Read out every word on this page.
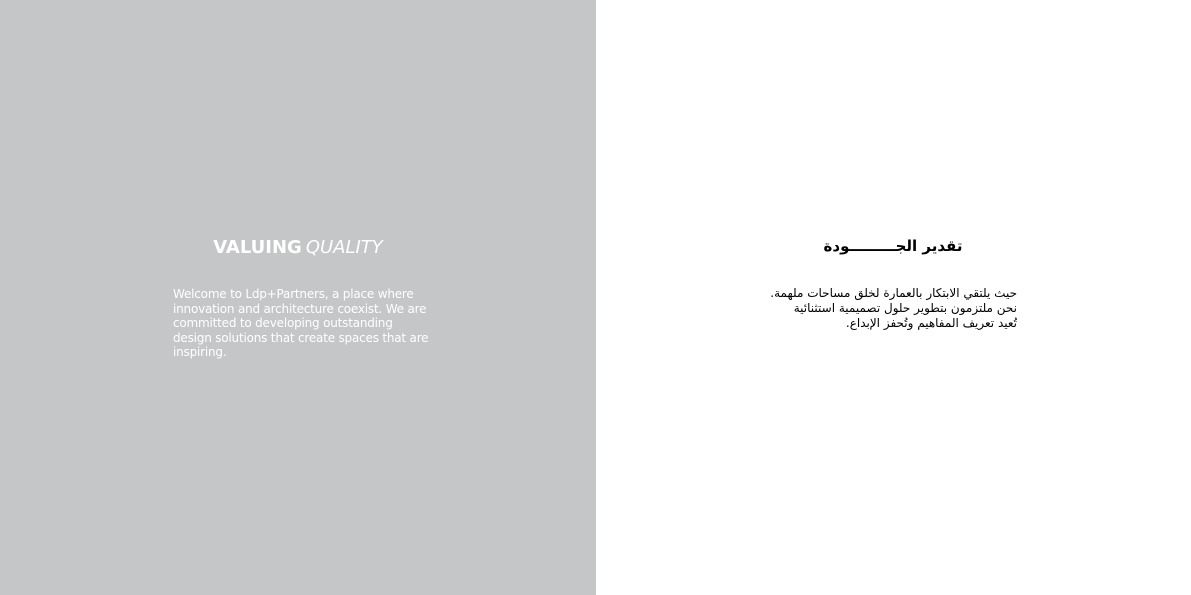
VALUING QUALITY

Welcome to Ldp+Partners, a place where innovation and architecture coexist. We are committed to developing outstanding design solutions that create spaces that are inspiring.

تقدير الجـــــــــودة

حيث يلتقي الابتكار بالعمارة لخلق مساحات ملهمة.
نحن ملتزمون بتطوير حلول تصميمية استثنائية
تُعيد تعريف المفاهيم وتُحفز الإبداع.
